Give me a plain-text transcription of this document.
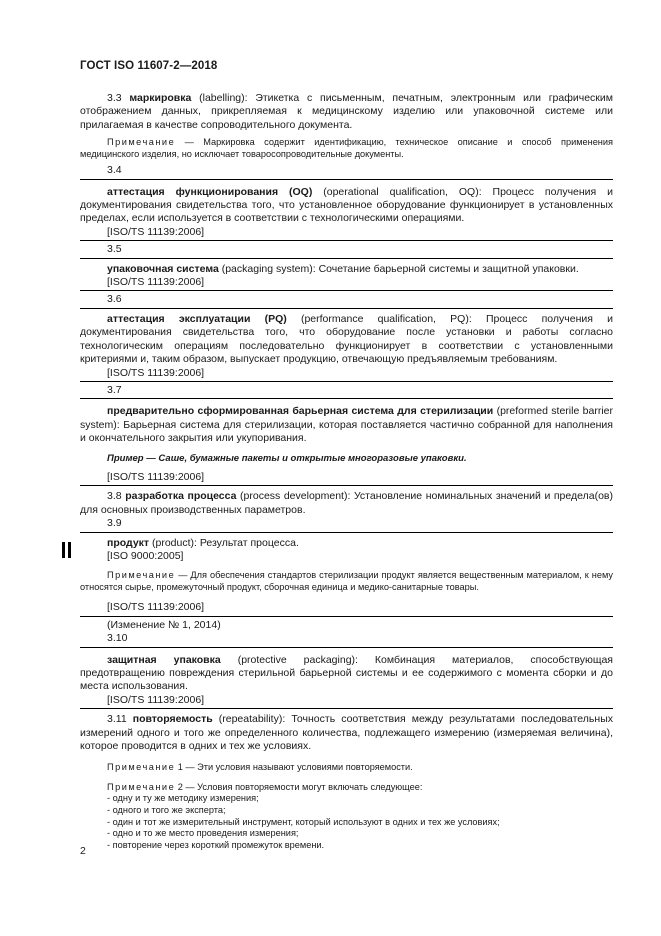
ГОСТ ISO 11607-2—2018

3.3 маркировка (labelling): Этикетка с письменным, печатным, электронным или графическим отображением данных, прикрепляемая к медицинскому изделию или упаковочной системе или прилагаемая в качестве сопроводительного документа.

Примечание — Маркировка содержит идентификацию, техническое описание и способ применения медицинского изделия, но исключает товаросопроводительные документы.

3.4

аттестация функционирования (OQ) (operational qualification, OQ): Процесс получения и документирования свидетельства того, что установленное оборудование функционирует в установленных пределах, если используется в соответствии с технологическими операциями.

[ISO/TS 11139:2006]

3.5

упаковочная система (packaging system): Сочетание барьерной системы и защитной упаковки.

[ISO/TS 11139:2006]

3.6

аттестация эксплуатации (PQ) (performance qualification, PQ): Процесс получения и документирования свидетельства того, что оборудование после установки и работы согласно технологическим операциям последовательно функционирует в соответствии с установленными критериями и, таким образом, выпускает продукцию, отвечающую предъявляемым требованиям.

[ISO/TS 11139:2006]

3.7

предварительно сформированная барьерная система для стерилизации (preformed sterile barrier system): Барьерная система для стерилизации, которая поставляется частично собранной для наполнения и окончательного закрытия или укупоривания.

Пример — Саше, бумажные пакеты и открытые многоразовые упаковки.

[ISO/TS 11139:2006]

3.8 разработка процесса (process development): Установление номинальных значений и предела(ов) для основных производственных параметров.

3.9

продукт (product): Результат процесса.

[ISO 9000:2005]

Примечание — Для обеспечения стандартов стерилизации продукт является вещественным материалом, к нему относятся сырье, промежуточный продукт, сборочная единица и медико-санитарные товары.

[ISO/TS 11139:2006]

(Изменение № 1, 2014)

3.10

защитная упаковка (protective packaging): Комбинация материалов, способствующая предотвращению повреждения стерильной барьерной системы и ее содержимого с момента сборки и до места использования.

[ISO/TS 11139:2006]

3.11 повторяемость (repeatability): Точность соответствия между результатами последовательных измерений одного и того же определенного количества, подлежащего измерению (измеряемая величина), которое проводится в одних и тех же условиях.

Примечание 1 — Эти условия называют условиями повторяемости.

Примечание 2 — Условия повторяемости могут включать следующее:

- одну и ту же методику измерения;
- одного и того же эксперта;
- один и тот же измерительный инструмент, который используют в одних и тех же условиях;
- одно и то же место проведения измерения;
- повторение через короткий промежуток времени.
2
